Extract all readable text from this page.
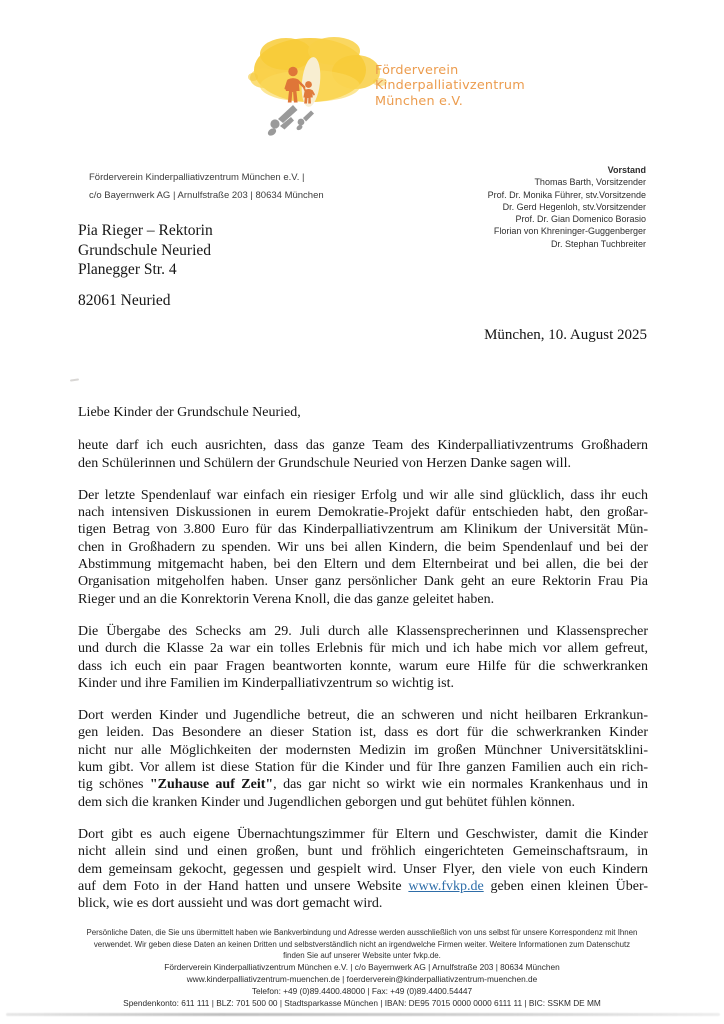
Förderverein
Kinderpalliativzentrum
München e.V.
Förderverein Kinderpalliativzentrum München e.V. |
c/o Bayernwerk AG | Arnulfstraße 203 | 80634 München
Vorstand
Thomas Barth, Vorsitzender
Prof. Dr. Monika Führer, stv.Vorsitzende
Dr. Gerd Hegenloh, stv.Vorsitzender
Prof. Dr. Gian Domenico Borasio
Florian von Khreninger-Guggenberger
Dr. Stephan Tuchbreiter
Pia Rieger – Rektorin
Grundschule Neuried
Planegger Str. 4
82061 Neuried
München, 10. August 2025
Liebe Kinder der Grundschule Neuried,
heute darf ich euch ausrichten, dass das ganze Team des Kinderpalliativzentrums Großhadern
den Schülerinnen und Schülern der Grundschule Neuried von Herzen Danke sagen will.
Der letzte Spendenlauf war einfach ein riesiger Erfolg und wir alle sind glücklich, dass ihr euch
nach intensiven Diskussionen in eurem Demokratie-Projekt dafür entschieden habt, den großar-
tigen Betrag von 3.800 Euro für das Kinderpalliativzentrum am Klinikum der Universität Mün-
chen in Großhadern zu spenden. Wir uns bei allen Kindern, die beim Spendenlauf und bei der
Abstimmung mitgemacht haben, bei den Eltern und dem Elternbeirat und bei allen, die bei der
Organisation mitgeholfen haben. Unser ganz persönlicher Dank geht an eure Rektorin Frau Pia
Rieger und an die Konrektorin Verena Knoll, die das ganze geleitet haben.
Die Übergabe des Schecks am 29. Juli durch alle Klassensprecherinnen und Klassensprecher
und durch die Klasse 2a war ein tolles Erlebnis für mich und ich habe mich vor allem gefreut,
dass ich euch ein paar Fragen beantworten konnte, warum eure Hilfe für die schwerkranken
Kinder und ihre Familien im Kinderpalliativzentrum so wichtig ist.
Dort werden Kinder und Jugendliche betreut, die an schweren und nicht heilbaren Erkrankun-
gen leiden. Das Besondere an dieser Station ist, dass es dort für die schwerkranken Kinder
nicht nur alle Möglichkeiten der modernsten Medizin im großen Münchner Universitätsklini-
kum gibt. Vor allem ist diese Station für die Kinder und für Ihre ganzen Familien auch ein rich-
tig schönes "Zuhause auf Zeit", das gar nicht so wirkt wie ein normales Krankenhaus und in
dem sich die kranken Kinder und Jugendlichen geborgen und gut behütet fühlen können.
Dort gibt es auch eigene Übernachtungszimmer für Eltern und Geschwister, damit die Kinder
nicht allein sind und einen großen, bunt und fröhlich eingerichteten Gemeinschaftsraum, in
dem gemeinsam gekocht, gegessen und gespielt wird. Unser Flyer, den viele von euch Kindern
auf dem Foto in der Hand hatten und unsere Website www.fvkp.de geben einen kleinen Über-
blick, wie es dort aussieht und was dort gemacht wird.
Persönliche Daten, die Sie uns übermittelt haben wie Bankverbindung und Adresse werden ausschließlich von uns selbst für unsere Korrespondenz mit Ihnen
verwendet. Wir geben diese Daten an keinen Dritten und selbstverständlich nicht an irgendwelche Firmen weiter. Weitere Informationen zum Datenschutz
finden Sie auf unserer Website unter fvkp.de.
Förderverein Kinderpalliativzentrum München e.V. | c/o Bayernwerk AG | Arnulfstraße 203 | 80634 München
www.kinderpalliativzentrum-muenchen.de | foerderverein@kinderpalliativzentrum-muenchen.de
Telefon: +49 (0)89.4400.48000 | Fax: +49 (0)89.4400.54447
Spendenkonto: 611 111 | BLZ: 701 500 00 | Stadtsparkasse München | IBAN: DE95 7015 0000 0000 6111 11 | BIC: SSKM DE MM
